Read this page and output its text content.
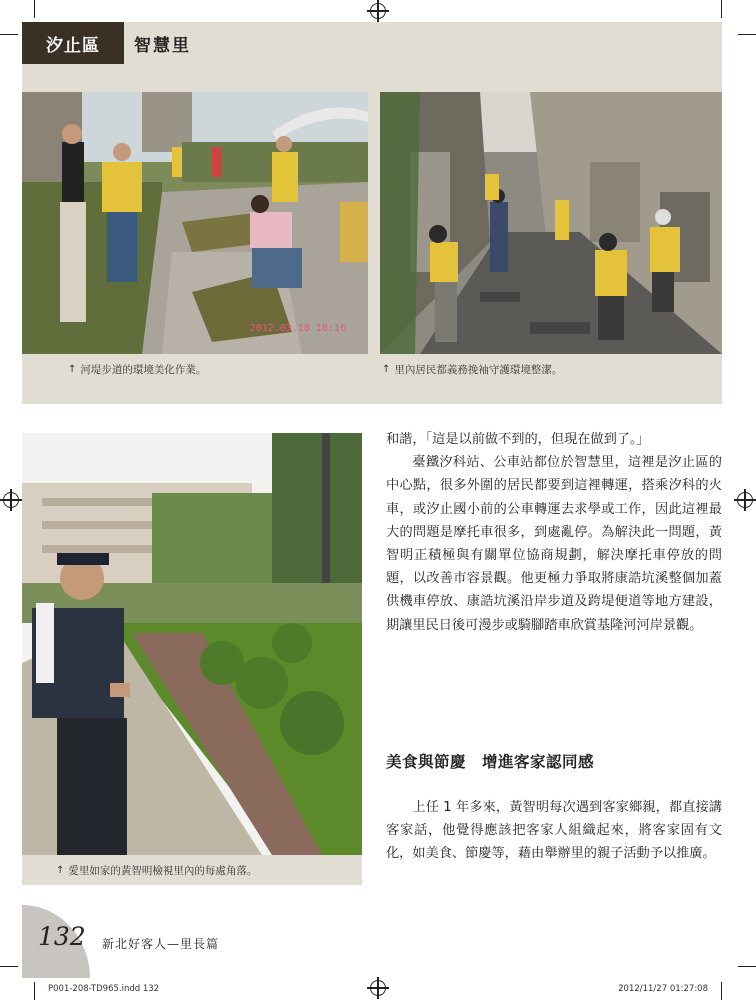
汐止區	智慧里
2012.03.18 10:16
↑ 河堤步道的環境美化作業。	↑ 里內居民都義務挽袖守護環境整潔。
↑ 愛里如家的黃智明檢視里內的每處角落。

和諧，「這是以前做不到的，但現在做到了。」

臺鐵汐科站、公車站都位於智慧里，這裡是汐止區的中心點，很多外圍的居民都要到這裡轉運，搭乘汐科的火車，或汐止國小前的公車轉運去求學或工作，因此這裡最大的問題是摩托車很多，到處亂停。為解決此一問題，黃智明正積極與有關單位協商規劃，解決摩托車停放的問題，以改善市容景觀。他更極力爭取將康誥坑溪整個加蓋供機車停放、康誥坑溪沿岸步道及跨堤便道等地方建設，期讓里民日後可漫步或騎腳踏車欣賞基隆河河岸景觀。

美食與節慶　增進客家認同感
上任 1 年多來，黃智明每次遇到客家鄉親，都直接講客家話，他覺得應該把客家人組織起來，將客家固有文化，如美食、節慶等，藉由舉辦里的親子活動予以推廣。
132 新北好客人—里長篇
P001-208-TD965.indd 132	2012/11/27 01:27:08
